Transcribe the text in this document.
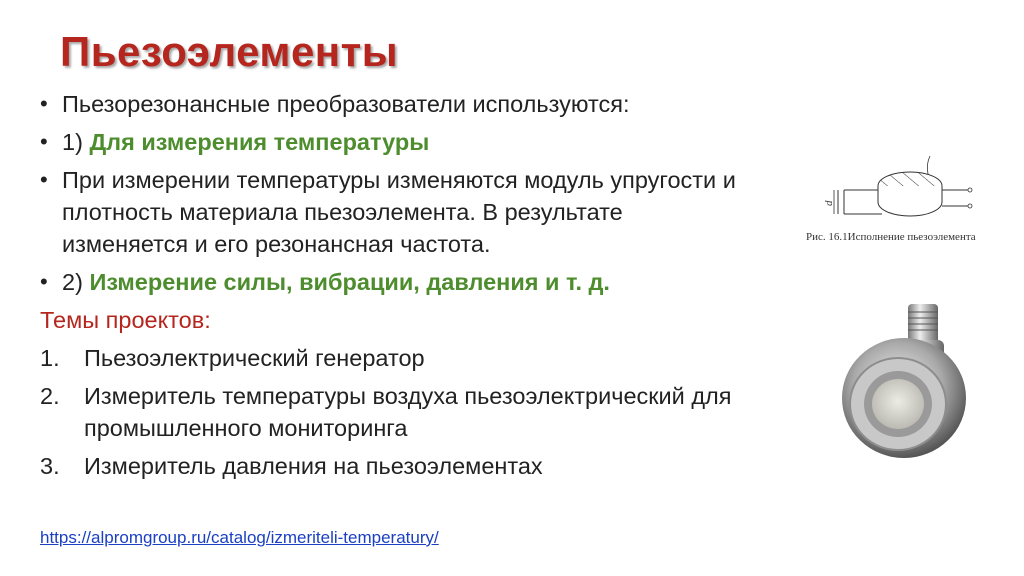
Пьезоэлементы

• Пьезорезонансные преобразователи используются:

• 1) Для измерения температуры

• При измерении температуры изменяются модуль упругости и плотность материала пьезоэлемента. В результате изменяется и его резонансная частота.

• 2) Измерение силы, вибрации, давления и т. д.

Темы проектов:

1. Пьезоэлектрический генератор

2. Измеритель температуры воздуха пьезоэлектрический для промышленного мониторинга

3. Измеритель давления на пьезоэлементах

https://alpromgroup.ru/catalog/izmeriteli-temperatury/
d
Рис. 16.1Исполнение пьезоэлемента
